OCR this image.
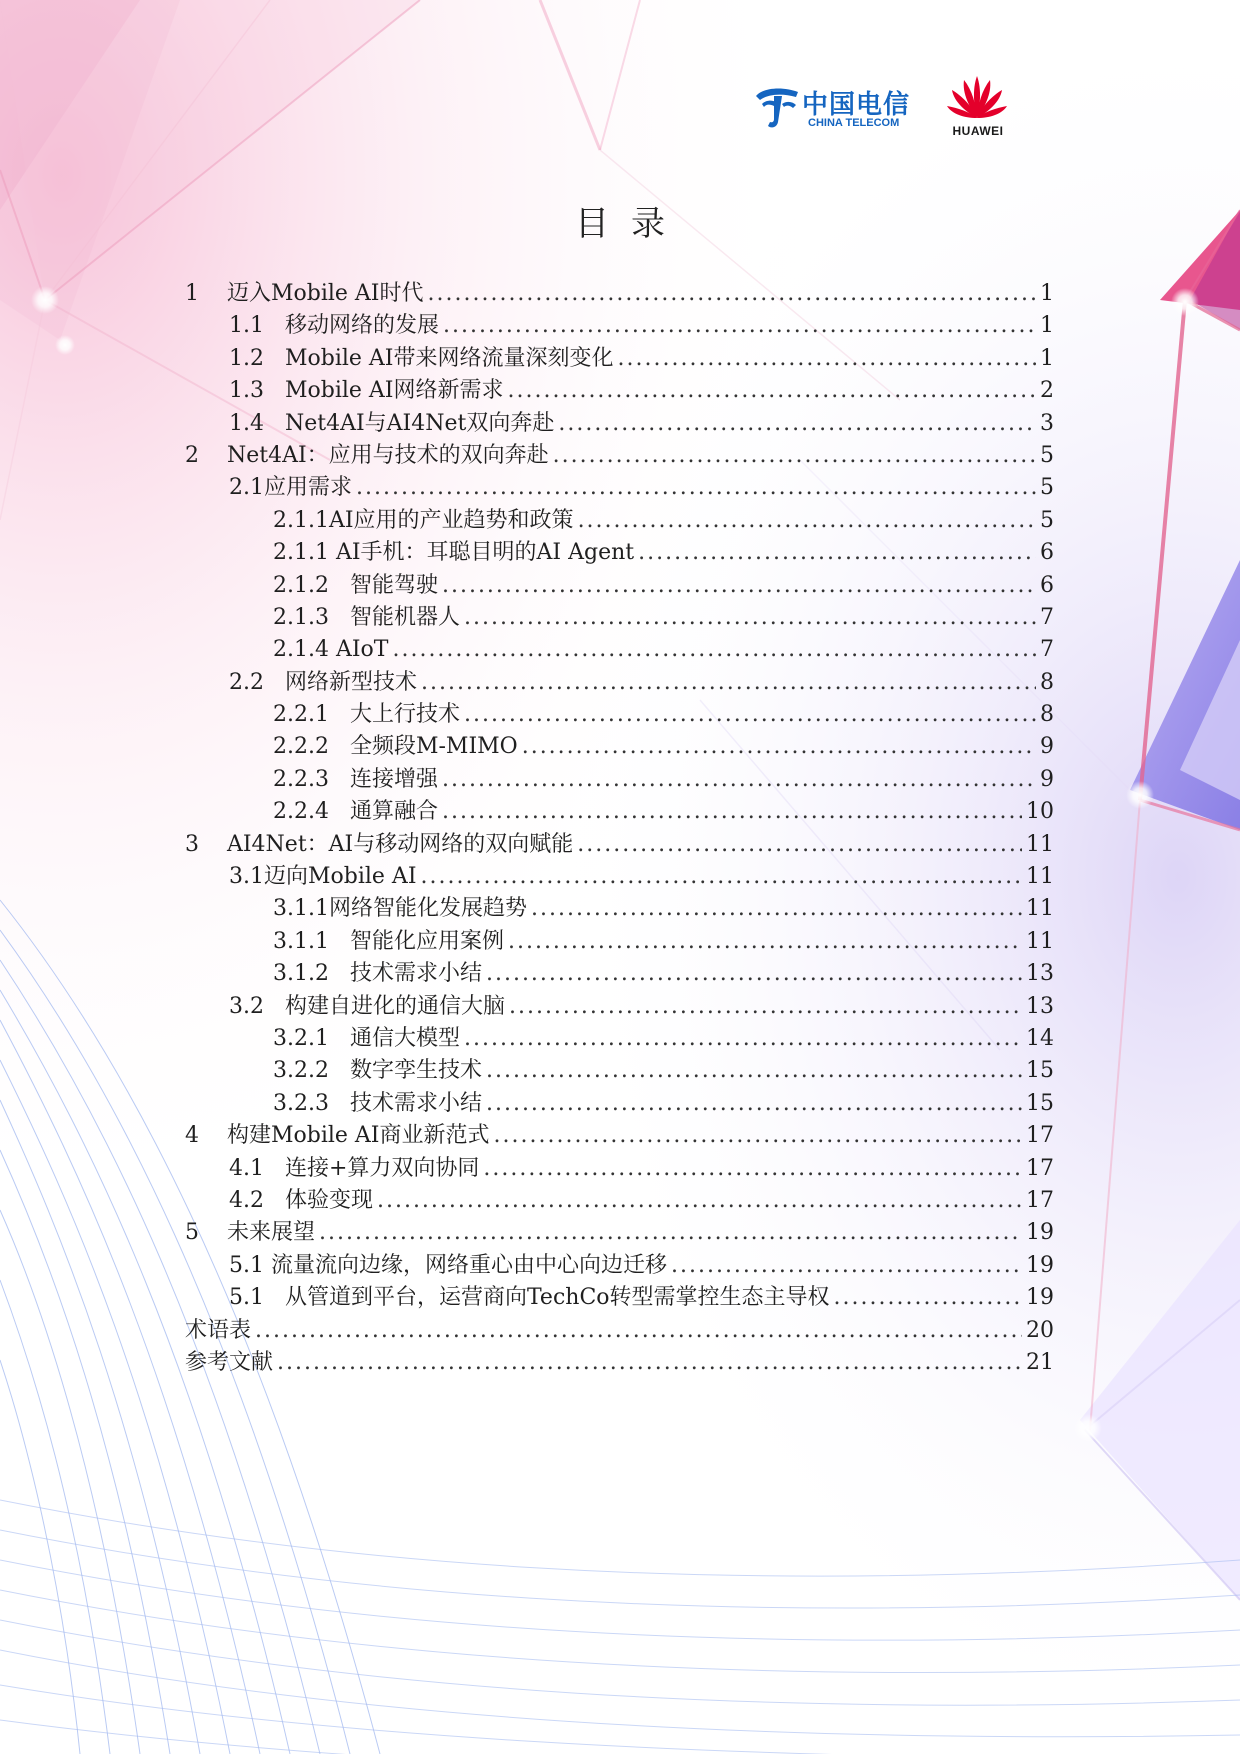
中国电信
CHINA TELECOM
HUAWEI
目录
1    迈入Mobile AI时代 .....	1
1.1   移动网络的发展 .....	1
1.2   Mobile AI带来网络流量深刻变化 .....	1
1.3   Mobile AI网络新需求 .....	2
1.4   Net4AI与AI4Net双向奔赴 .....	3
2    Net4AI：应用与技术的双向奔赴 .....	5
2.1应用需求 .....	5
2.1.1AI应用的产业趋势和政策 .....	5
2.1.1 AI手机：耳聪目明的AI Agent .....	6
2.1.2   智能驾驶 .....	6
2.1.3   智能机器人 .....	7
2.1.4 AIoT .....	7
2.2   网络新型技术 .....	8
2.2.1   大上行技术 .....	8
2.2.2   全频段M-MIMO .....	9
2.2.3   连接增强 .....	9
2.2.4   通算融合 .....	10
3    AI4Net：AI与移动网络的双向赋能 .....	11
3.1迈向Mobile AI .....	11
3.1.1网络智能化发展趋势 .....	11
3.1.1   智能化应用案例 .....	11
3.1.2   技术需求小结 .....	13
3.2   构建自进化的通信大脑 .....	13
3.2.1   通信大模型 .....	14
3.2.2   数字孪生技术 .....	15
3.2.3   技术需求小结 .....	15
4    构建Mobile AI商业新范式 .....	17
4.1   连接+算力双向协同 .....	17
4.2   体验变现 .....	17
5    未来展望 .....	19
5.1 流量流向边缘，网络重心由中心向边迁移 .....	19
5.1   从管道到平台，运营商向TechCo转型需掌控生态主导权 .....	19
术语表 .....	20
参考文献 .....	21
